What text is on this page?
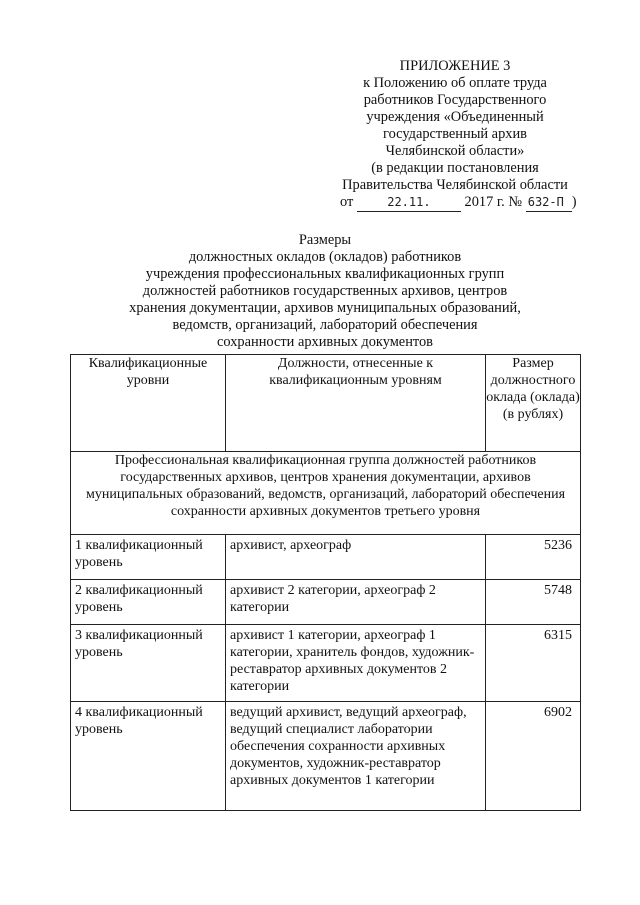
ПРИЛОЖЕНИЕ 3
к Положению об оплате труда
работников Государственного
учреждения «Объединенный
государственный архив
Челябинской области»
(в редакции постановления
Правительства Челябинской области
от	22.11. 2017 г. № 632-П )
Размеры
должностных окладов (окладов) работников
учреждения профессиональных квалификационных групп
должностей работников государственных архивов, центров
хранения документации, архивов муниципальных образований,
ведомств, организаций, лабораторий обеспечения
сохранности архивных документов
Квалификационные уровни	Должности, отнесенные к квалификационным уровням	Размер должностного оклада (оклада) (в рублях)
Профессиональная квалификационная группа должностей работников государственных архивов, центров хранения документации, архивов муниципальных образований, ведомств, организаций, лабораторий обеспечения сохранности архивных документов третьего уровня		
1 квалификационный уровень	архивист, археограф	5236
2 квалификационный уровень	архивист 2 категории, археограф 2 категории	5748
3 квалификационный уровень	архивист 1 категории, археограф 1 категории, хранитель фондов, художник-реставратор архивных документов 2 категории	6315
4 квалификационный уровень	ведущий архивист, ведущий археограф, ведущий специалист лаборатории обеспечения сохранности архивных документов, художник-реставратор архивных документов 1 категории	6902
